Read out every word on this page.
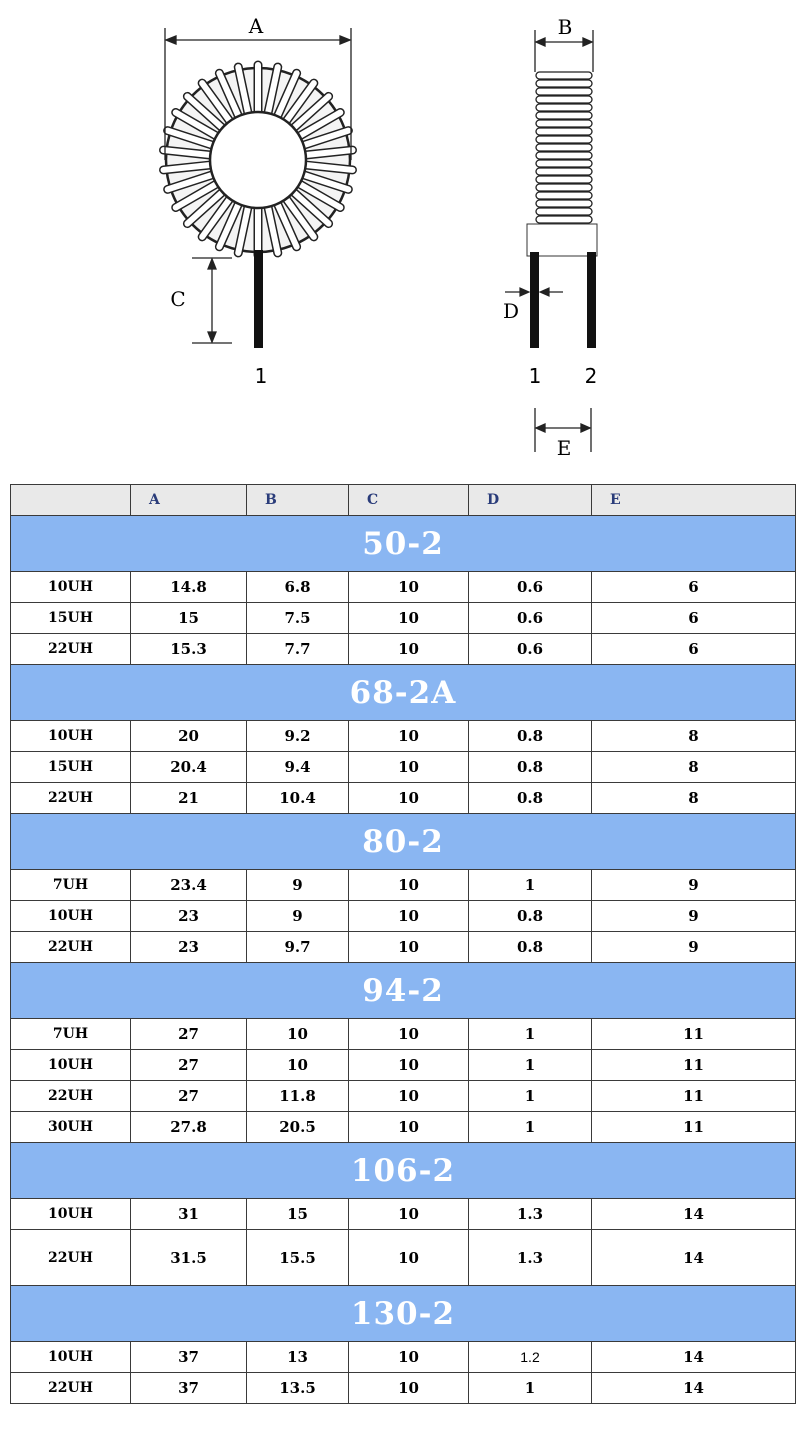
A
C
1
B
D
1 2
E
	A	B	C	D	E
50-2					
10UH	14.8	6.8	10	0.6	6
15UH	15	7.5	10	0.6	6
22UH	15.3	7.7	10	0.6	6
68-2A					
10UH	20	9.2	10	0.8	8
15UH	20.4	9.4	10	0.8	8
22UH	21	10.4	10	0.8	8
80-2					
7UH	23.4	9	10	1	9
10UH	23	9	10	0.8	9
22UH	23	9.7	10	0.8	9
94-2					
7UH	27	10	10	1	11
10UH	27	10	10	1	11
22UH	27	11.8	10	1	11
30UH	27.8	20.5	10	1	11
106-2					
10UH	31	15	10	1.3	14
22UH	31.5	15.5	10	1.3	14
130-2					
10UH	37	13	10	1.2	14
22UH	37	13.5	10	1	14
